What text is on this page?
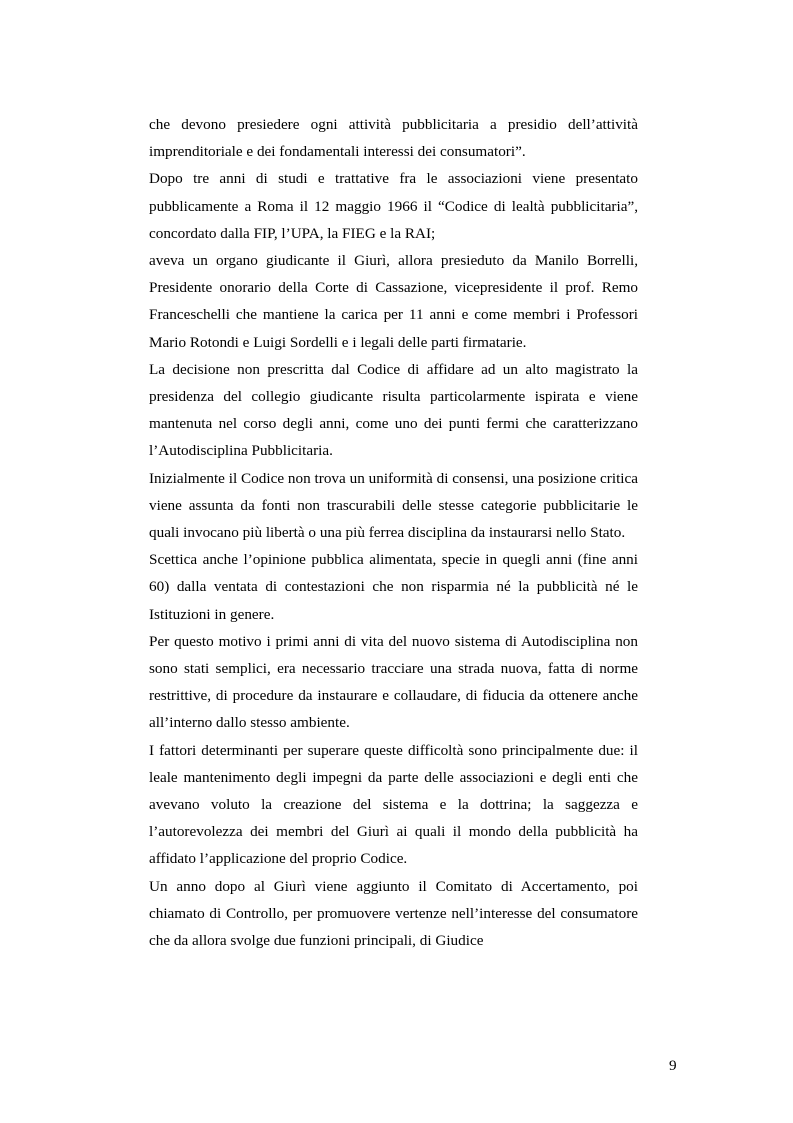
che devono presiedere ogni attività pubblicitaria a presidio dell’attività imprenditoriale e dei fondamentali interessi dei consumatori”.

Dopo tre anni di studi e trattative fra le associazioni viene presentato pubblicamente a Roma il 12 maggio 1966 il “Codice di lealtà pubblicitaria”, concordato dalla FIP, l’UPA, la FIEG e la RAI;

aveva un organo giudicante il Giurì, allora presieduto da Manilo Borrelli, Presidente onorario della Corte di Cassazione, vicepresidente il prof. Remo Franceschelli che mantiene la carica per 11 anni e come membri i Professori Mario Rotondi e Luigi Sordelli e i legali delle parti firmatarie.

La decisione non prescritta dal Codice di affidare ad un alto magistrato la presidenza del collegio giudicante risulta particolarmente ispirata e viene mantenuta nel corso degli anni, come uno dei punti fermi che caratterizzano l’Autodisciplina Pubblicitaria.

Inizialmente il Codice non trova un uniformità di consensi, una posizione critica viene assunta da fonti non trascurabili delle stesse categorie pubblicitarie le quali invocano più libertà o una più ferrea disciplina da instaurarsi nello Stato.

Scettica anche l’opinione pubblica alimentata, specie in quegli anni (fine anni 60) dalla ventata di contestazioni che non risparmia né la pubblicità né le Istituzioni in genere.

Per questo motivo i primi anni di vita del nuovo sistema di Autodisciplina non sono stati semplici, era necessario tracciare una strada nuova, fatta di norme restrittive, di procedure da instaurare e collaudare, di fiducia da ottenere anche all’interno dallo stesso ambiente.

I fattori determinanti per superare queste difficoltà sono principalmente due: il leale mantenimento degli impegni da parte delle associazioni e degli enti che avevano voluto la creazione del sistema e la dottrina; la saggezza e l’autorevolezza dei membri del Giurì ai quali il mondo della pubblicità ha affidato l’applicazione del proprio Codice.

Un anno dopo al Giurì viene aggiunto il Comitato di Accertamento, poi chiamato di Controllo, per promuovere vertenze nell’interesse del consumatore che da allora svolge due funzioni principali, di Giudice

9
